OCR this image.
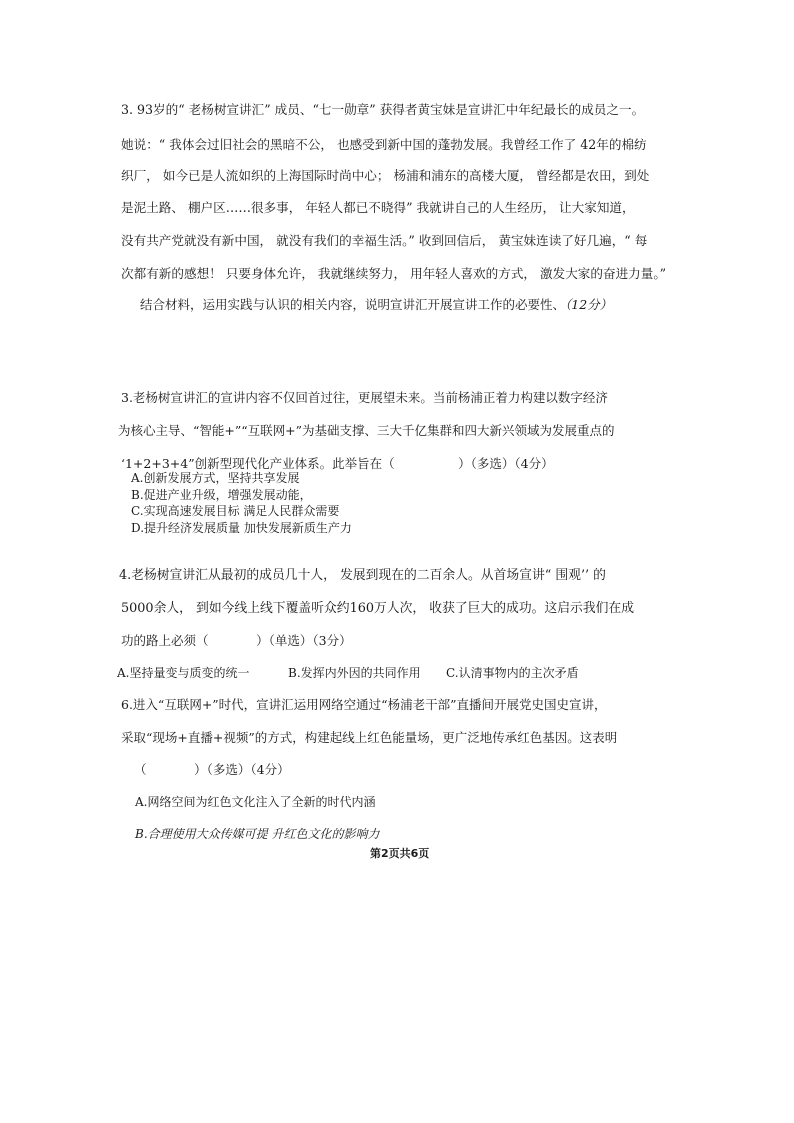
3. 93岁的“ 老杨树宣讲汇” 成员、“七一勋章” 获得者黄宝妹是宣讲汇中年纪最长的成员之一。
她说：“ 我体会过旧社会的黑暗不公， 也感受到新中国的蓬勃发展。我曾经工作了 42年的棉纺
织厂， 如今已是人流如织的上海国际时尚中心； 杨浦和浦东的高楼大厦， 曾经都是农田，到处
是泥土路、 棚户区……很多事， 年轻人都已不晓得” 我就讲自己的人生经历， 让大家知道，
没有共产党就没有新中国， 就没有我们的幸福生活。” 收到回信后， 黄宝妹连读了好几遍，“ 每
次都有新的感想！ 只要身体允许， 我就继续努力， 用年轻人喜欢的方式， 激发大家的奋进力量。”
结合材料，运用实践与认识的相关内容，说明宣讲汇开展宣讲工作的必要性、（12分）
3.老杨树宣讲汇的宣讲内容不仅回首过往，更展望未来。当前杨浦正着力构建以数字经济
为核心主导、“智能+”“互联网+”为基础支撑、三大千亿集群和四大新兴领域为发展重点的
‘1+2+3+4”创新型现代化产业体系。此举旨在（                ）（多选）（4分）
A.创新发展方式，坚持共享发展
B.促进产业升级，增强发展动能，
C.实现高速发展目标 满足人民群众需要
D.提升经济发展质量 加快发展新质生产力
4.老杨树宣讲汇从最初的成员几十人， 发展到现在的二百余人。从首场宣讲“ 围观’’ 的
5000余人， 到如今线上线下覆盖听众约160万人次， 收获了巨大的成功。这启示我们在成
功的路上必须（            ）（单选）（3分）
A.坚持量变与质变的统一	B.发挥内外因的共同作用 C.认清事物内的主次矛盾
6.进入“互联网+”时代，宣讲汇运用网络空通过“杨浦老干部”直播间开展党史国史宣讲，
采取“现场+直播+视频”的方式，构建起线上红色能量场，更广泛地传承红色基因。这表明
（            ）（多选）（4分）
A.网络空间为红色文化注入了全新的时代内涵
B.合理使用大众传媒可提 升红色文化的影响力
第2页共6页
